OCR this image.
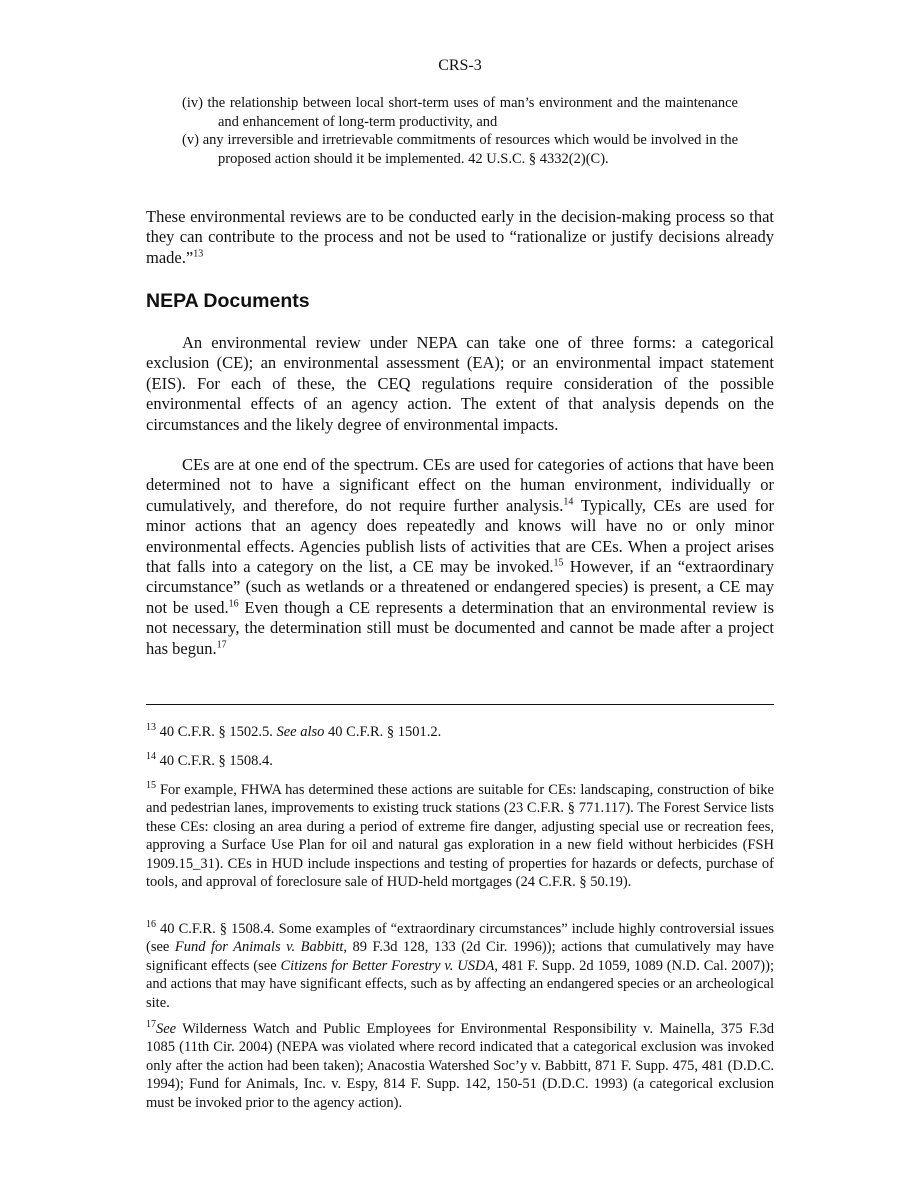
CRS-3
(iv) the relationship between local short-term uses of man’s environment and the maintenance and enhancement of long-term productivity, and
(v) any irreversible and irretrievable commitments of resources which would be involved in the proposed action should it be implemented. 42 U.S.C. § 4332(2)(C).

These environmental reviews are to be conducted early in the decision-making process so that they can contribute to the process and not be used to “rationalize or justify decisions already made.”$^{13}$

NEPA Documents

An environmental review under NEPA can take one of three forms: a categorical exclusion (CE); an environmental assessment (EA); or an environmental impact statement (EIS). For each of these, the CEQ regulations require consideration of the possible environmental effects of an agency action. The extent of that analysis depends on the circumstances and the likely degree of environmental impacts.

CEs are at one end of the spectrum. CEs are used for categories of actions that have been determined not to have a significant effect on the human environment, individually or cumulatively, and therefore, do not require further analysis.$^{14}$ Typically, CEs are used for minor actions that an agency does repeatedly and knows will have no or only minor environmental effects. Agencies publish lists of activities that are CEs. When a project arises that falls into a category on the list, a CE may be invoked.$^{15}$ However, if an “extraordinary circumstance” (such as wetlands or a threatened or endangered species) is present, a CE may not be used.$^{16}$ Even though a CE represents a determination that an environmental review is not necessary, the determination still must be documented and cannot be made after a project has begun.$^{17}$

$^{13}$ 40 C.F.R. § 1502.5. See also 40 C.F.R. § 1501.2.

$^{14}$ 40 C.F.R. § 1508.4.

$^{15}$ For example, FHWA has determined these actions are suitable for CEs: landscaping, construction of bike and pedestrian lanes, improvements to existing truck stations (23 C.F.R. § 771.117). The Forest Service lists these CEs: closing an area during a period of extreme fire danger, adjusting special use or recreation fees, approving a Surface Use Plan for oil and natural gas exploration in a new field without herbicides (FSH 1909.15_31). CEs in HUD include inspections and testing of properties for hazards or defects, purchase of tools, and approval of foreclosure sale of HUD-held mortgages (24 C.F.R. § 50.19).

$^{16}$ 40 C.F.R. § 1508.4. Some examples of “extraordinary circumstances” include highly controversial issues (see Fund for Animals v. Babbitt, 89 F.3d 128, 133 (2d Cir. 1996)); actions that cumulatively may have significant effects (see Citizens for Better Forestry v. USDA, 481 F. Supp. 2d 1059, 1089 (N.D. Cal. 2007)); and actions that may have significant effects, such as by affecting an endangered species or an archeological site.

$^{17}$See Wilderness Watch and Public Employees for Environmental Responsibility v. Mainella, 375 F.3d 1085 (11th Cir. 2004) (NEPA was violated where record indicated that a categorical exclusion was invoked only after the action had been taken); Anacostia Watershed Soc’y v. Babbitt, 871 F. Supp. 475, 481 (D.D.C. 1994); Fund for Animals, Inc. v. Espy, 814 F. Supp. 142, 150-51 (D.D.C. 1993) (a categorical exclusion must be invoked prior to the agency action).
